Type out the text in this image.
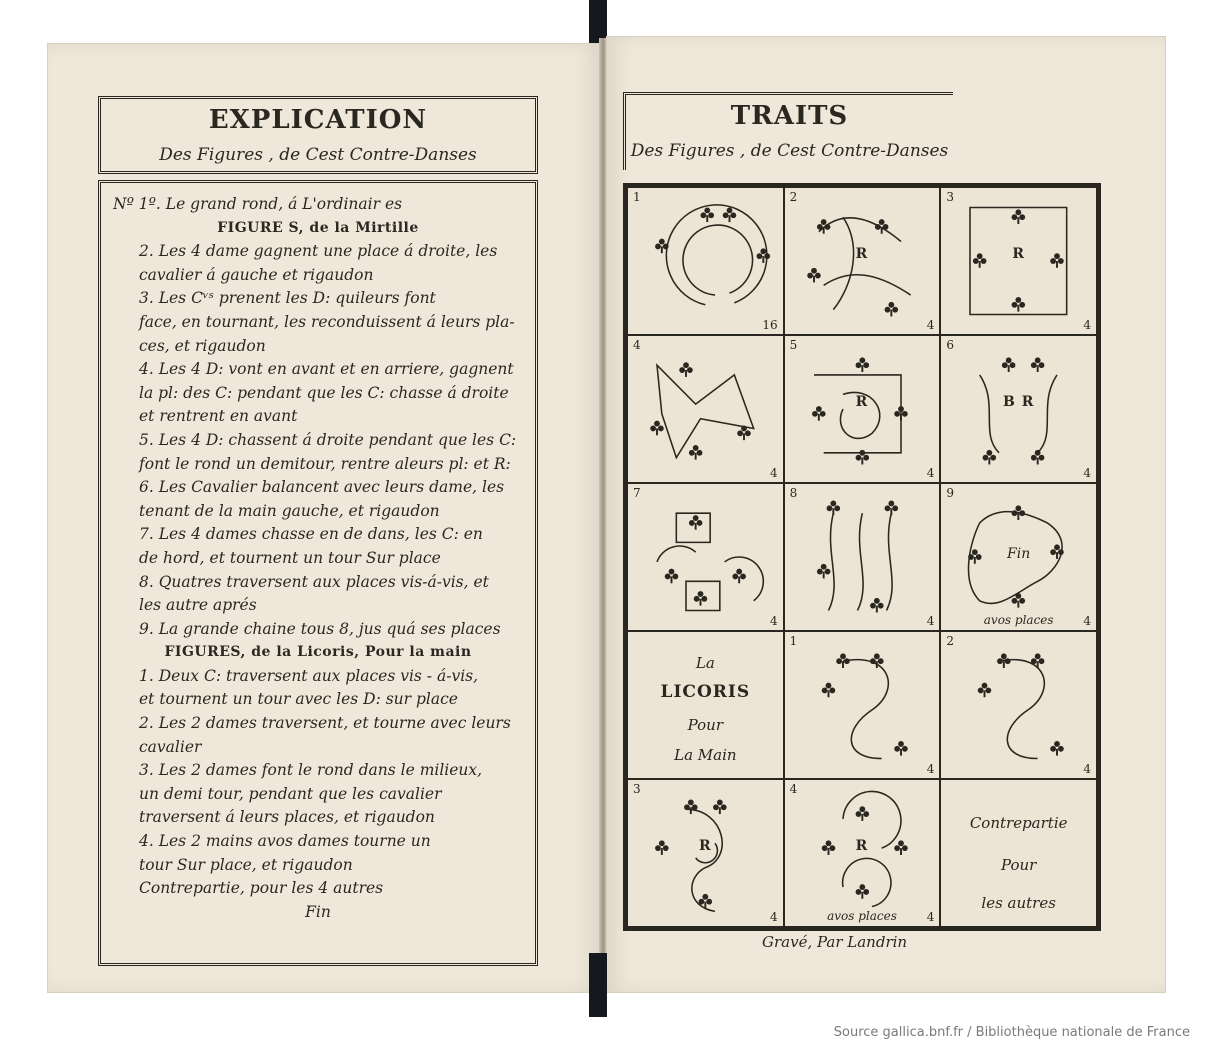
EXPLICATION
Des Figures , de Cest Contre-Danses
Nº 1º. Le grand rond, á L'ordinair es
FIGURE S, de la Mirtille
2. Les 4 dame gagnent une place á droite, les
cavalier á gauche et rigaudon
3. Les Cᵛˢ prenent les D: quileurs font
face, en tournant, les reconduissent á leurs pla-
ces, et rigaudon
4. Les 4 D: vont en avant et en arriere, gagnent
la pl: des C: pendant que les C: chasse á droite
et rentrent en avant
5. Les 4 D: chassent á droite pendant que les C:
font le rond un demitour, rentre aleurs pl: et R:
6. Les Cavalier balancent avec leurs dame, les
tenant de la main gauche, et rigaudon
7. Les 4 dames chasse en de dans, les C: en
de hord, et tournent un tour Sur place
8. Quatres traversent aux places vis-á-vis, et
les autre aprés
9. La grande chaine tous 8, jus quá ses places
FIGURES, de la Licoris, Pour la main
1. Deux C: traversent aux places vis - á-vis,
et tournent un tour avec les D: sur place
2. Les 2 dames traversent, et tourne avec leurs
cavalier
3. Les 2 dames font le rond dans le milieux,
un demi tour, pendant que les cavalier
traversent á leurs places, et rigaudon
4. Les 2 mains avos dames tourne un
tour Sur place, et rigaudon
Contrepartie, pour les 4 autres
Fin
TRAITS
Des Figures , de Cest Contre-Danses
1
16
2
4
R
3
4
R
4
4
5
4
R
6
4
B R
7
4
8
4
9
4
Fin
avos places
La
LICORIS
Pour
La Main
1
4
2
4
3
4
R
4
4
R
avos places
Contrepartie
Pour
les autres
Gravé, Par Landrin
Source gallica.bnf.fr / Bibliothèque nationale de France
